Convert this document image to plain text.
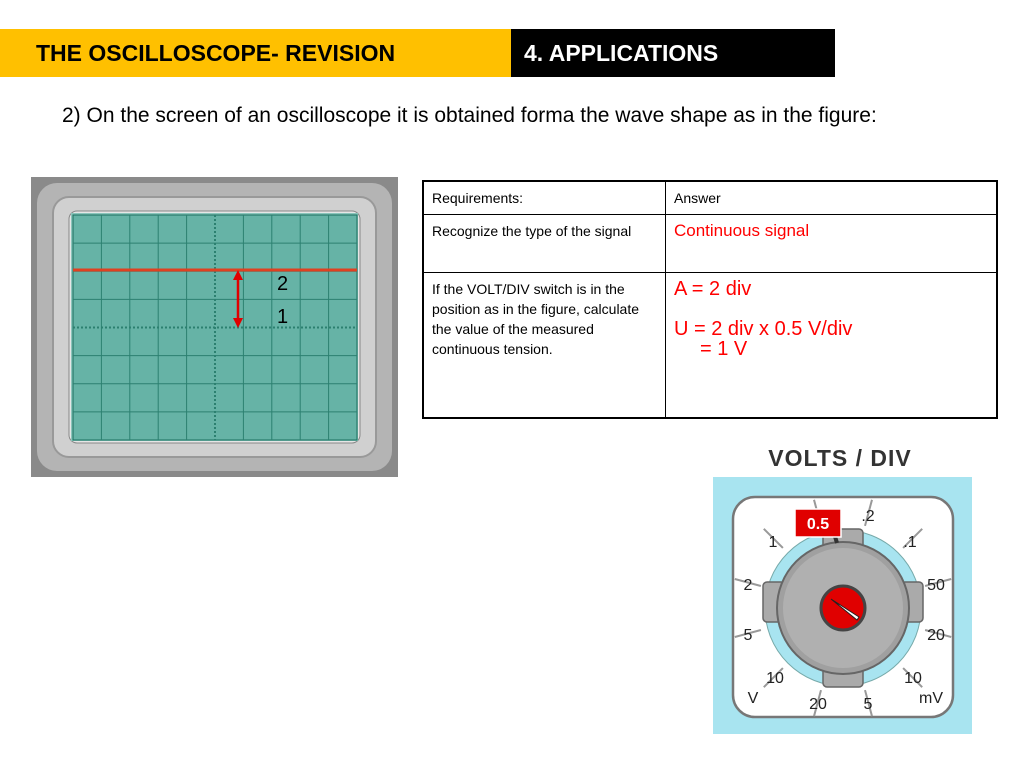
THE OSCILLOSCOPE- REVISION	4. APPLICATIONS
2) On the screen of an oscilloscope it is obtained forma the wave shape as in the figure:
2
1
Requirements:	Answer
Recognize the type of the signal	Continuous signal
If the VOLT/DIV switch is in the position as in the figure, calculate the value of the measured continuous tension.	A = 2 div
U = 2 div x 0.5 V/div
= 1 V
VOLTS / DIV
.2
.1
50
20
10
5
20
10
5
2
1
0.5
V	mV
